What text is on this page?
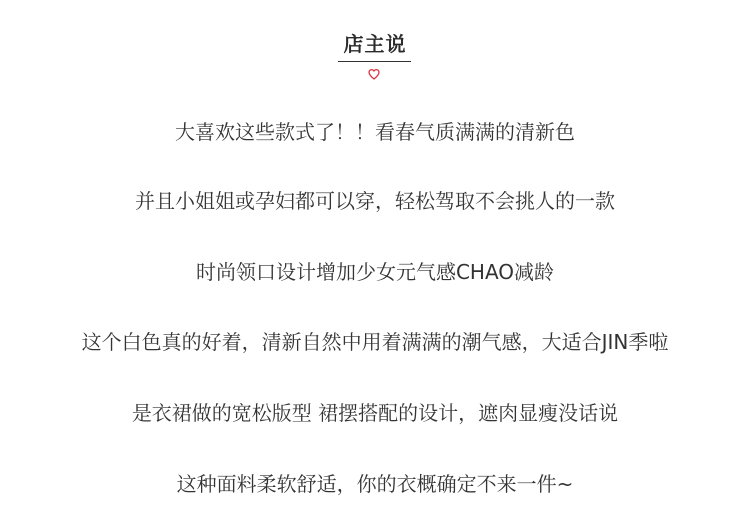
店主说
大喜欢这些款式了！！看春气质满满的清新色
并且小姐姐或孕妇都可以穿，轻松驾取不会挑人的一款
时尚领口设计增加少女元气感CHAO减龄
这个白色真的好着，清新自然中用着满满的潮气感，大适合JIN季啦
是衣裙做的宽松版型 裙摆搭配的设计，遮肉显瘦没话说
这种面料柔软舒适，你的衣概确定不来一件~
